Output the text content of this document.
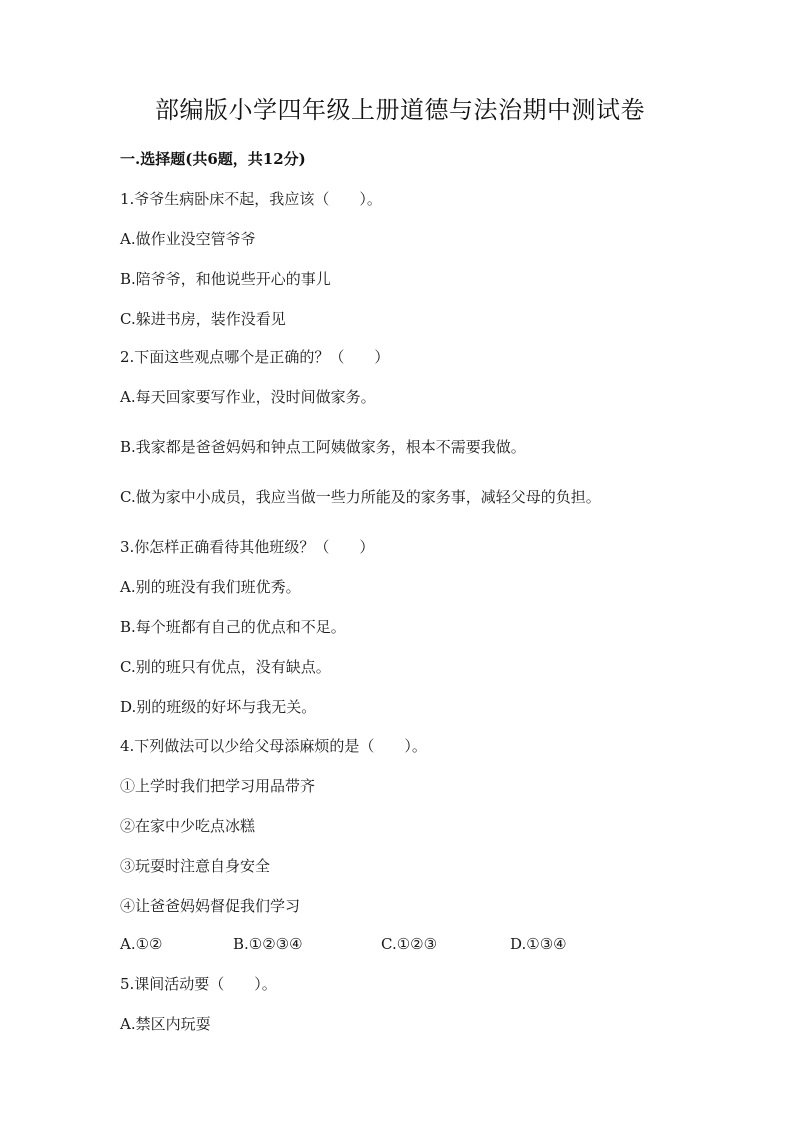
部编版小学四年级上册道德与法治期中测试卷
一.选择题(共6题，共12分)
1.爷爷生病卧床不起，我应该（　　）。
A.做作业没空管爷爷
B.陪爷爷，和他说些开心的事儿
C.躲进书房，装作没看见
2.下面这些观点哪个是正确的？（　　）
A.每天回家要写作业，没时间做家务。
B.我家都是爸爸妈妈和钟点工阿姨做家务，根本不需要我做。
C.做为家中小成员，我应当做一些力所能及的家务事，减轻父母的负担。
3.你怎样正确看待其他班级？（　　）
A.别的班没有我们班优秀。
B.每个班都有自己的优点和不足。
C.别的班只有优点，没有缺点。
D.别的班级的好坏与我无关。
4.下列做法可以少给父母添麻烦的是（　　）。
①上学时我们把学习用品带齐
②在家中少吃点冰糕
③玩耍时注意自身安全
④让爸爸妈妈督促我们学习
A.①②	B.①②③④	C.①②③	D.①③④
5.课间活动要（　　）。
A.禁区内玩耍
